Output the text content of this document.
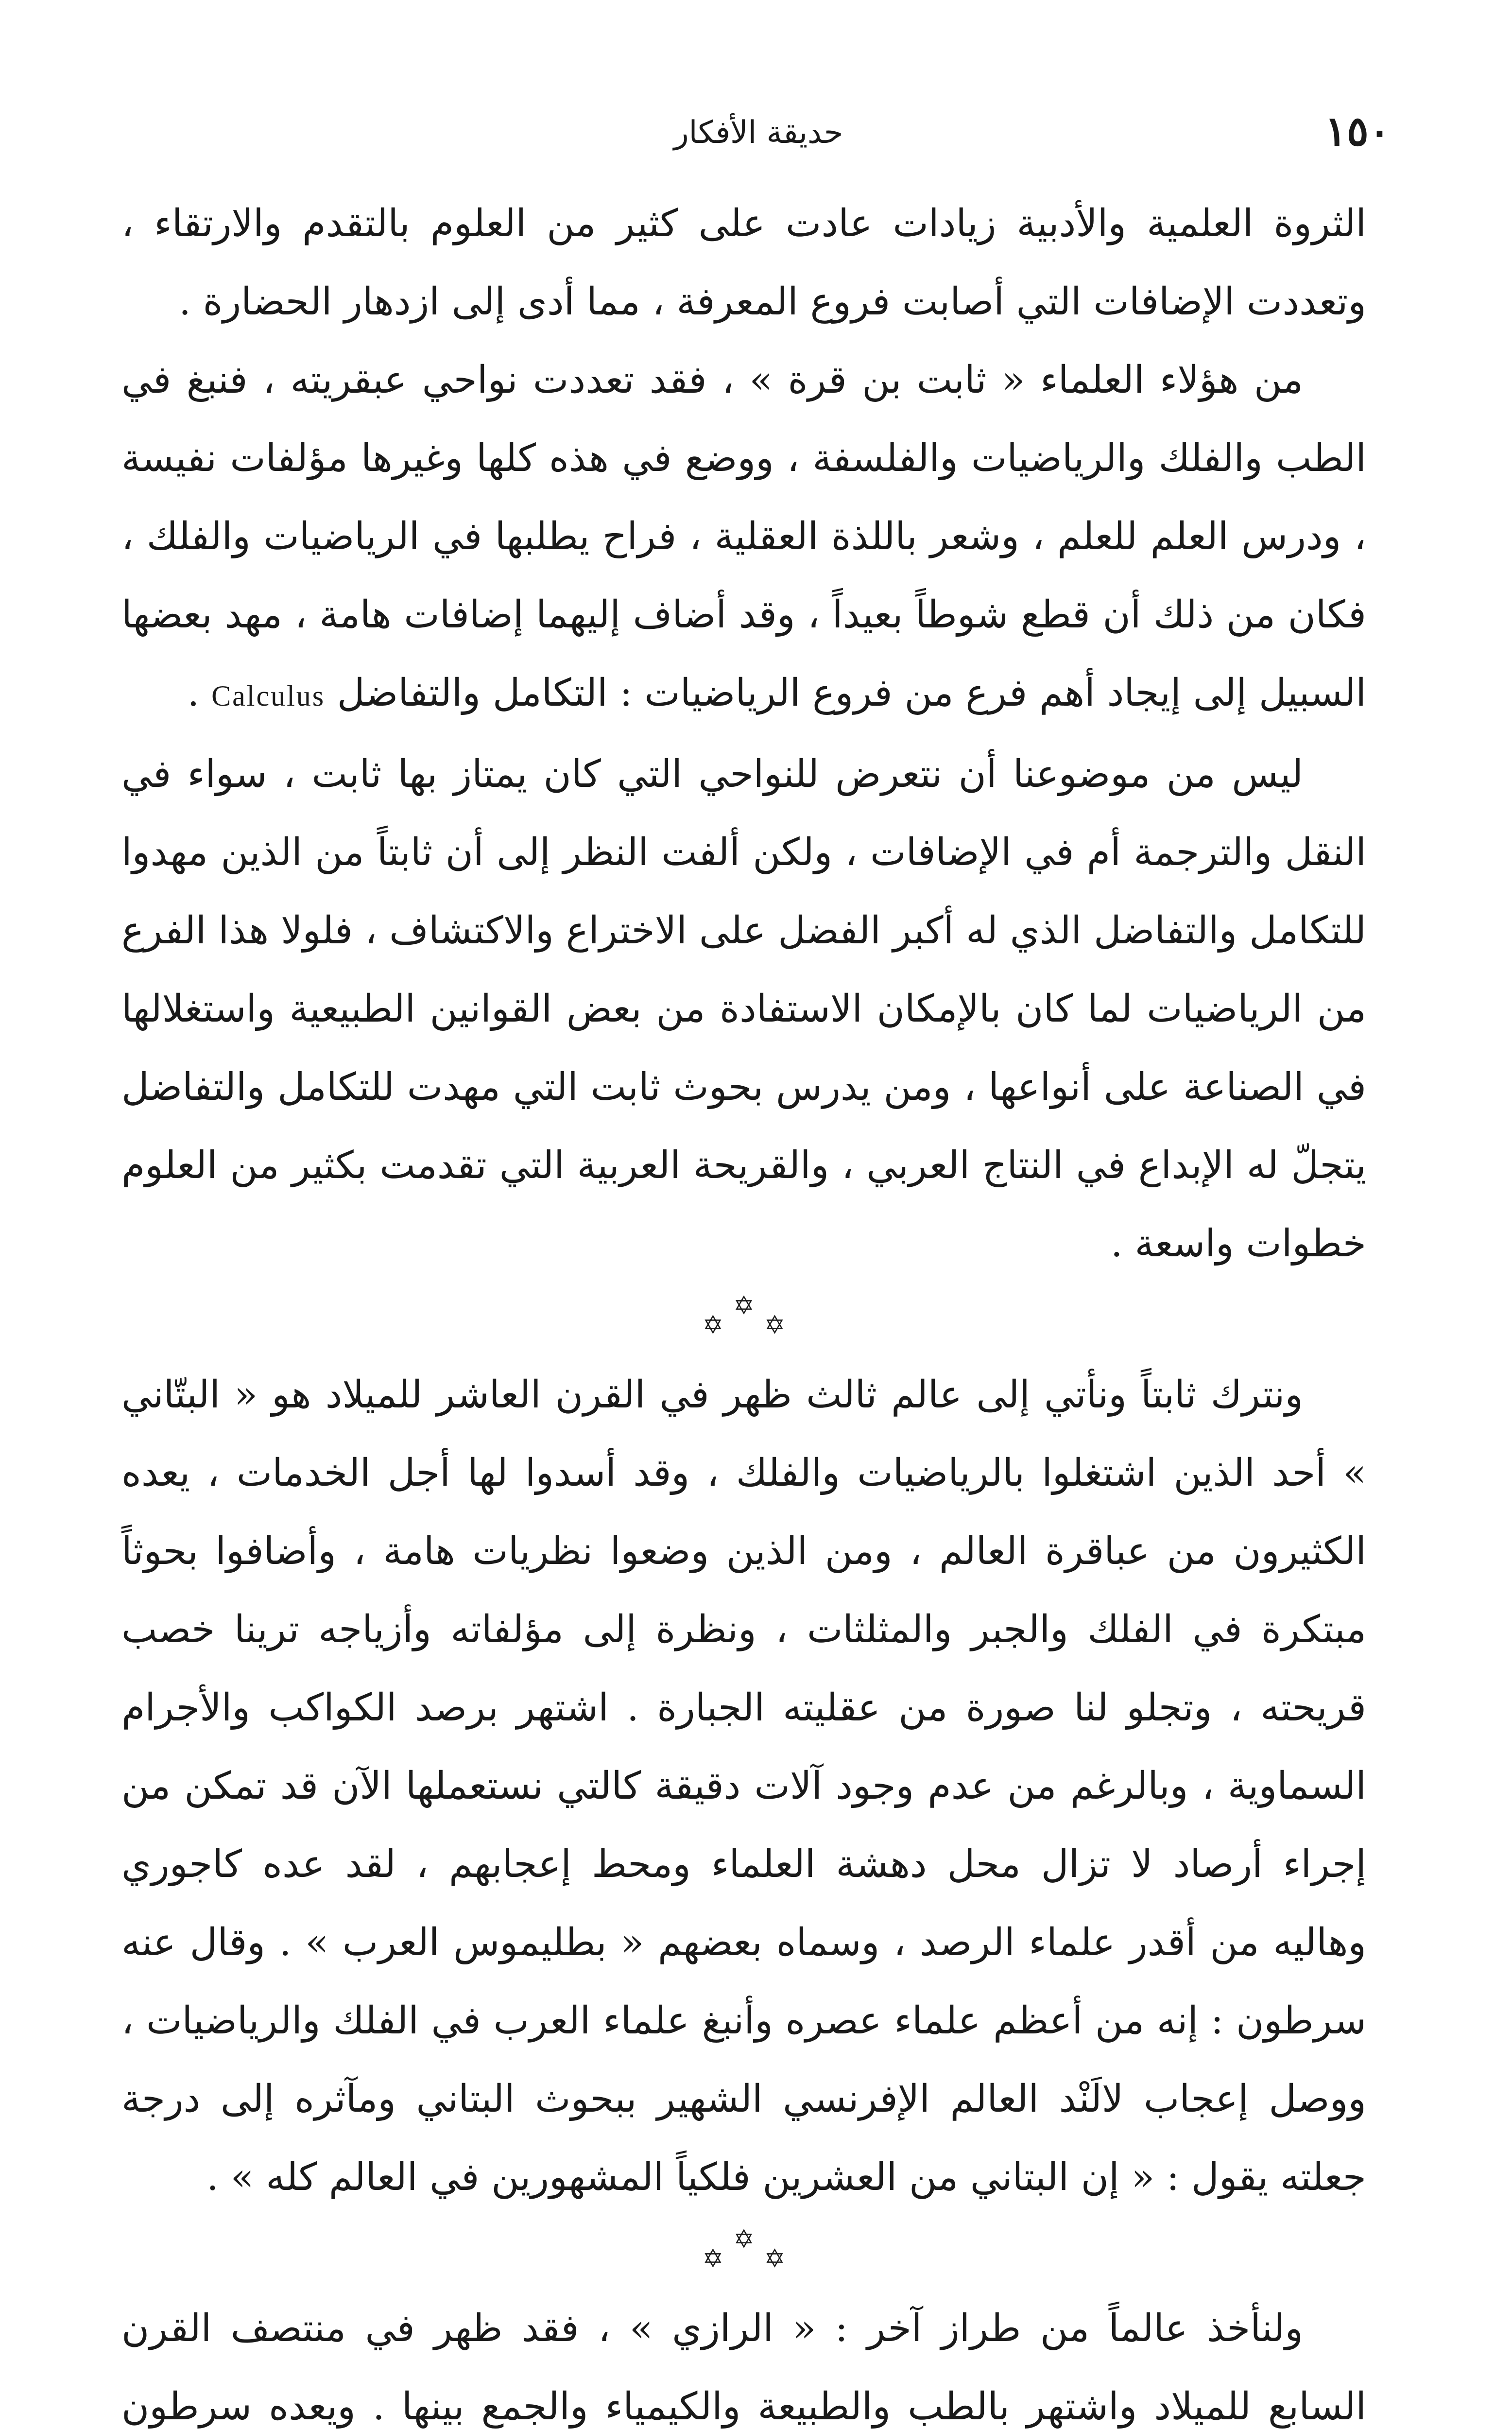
١٥٠
حديقة الأفكار

الثروة العلمية والأدبية زيادات عادت على كثير من العلوم بالتقدم والارتقاء ، وتعددت الإضافات التي أصابت فروع المعرفة ، مما أدى إلى ازدهار الحضارة .

من هؤلاء العلماء « ثابت بن قرة » ، فقد تعددت نواحي عبقريته ، فنبغ في الطب والفلك والرياضيات والفلسفة ، ووضع في هذه كلها وغيرها مؤلفات نفيسة ، ودرس العلم للعلم ، وشعر باللذة العقلية ، فراح يطلبها في الرياضيات والفلك ، فكان من ذلك أن قطع شوطاً بعيداً ، وقد أضاف إليهما إضافات هامة ، مهد بعضها السبيل إلى إيجاد أهم فرع من فروع الرياضيات : التكامل والتفاضل Calculus .

ليس من موضوعنا أن نتعرض للنواحي التي كان يمتاز بها ثابت ، سواء في النقل والترجمة أم في الإضافات ، ولكن ألفت النظر إلى أن ثابتاً من الذين مهدوا للتكامل والتفاضل الذي له أكبر الفضل على الاختراع والاكتشاف ، فلولا هذا الفرع من الرياضيات لما كان بالإمكان الاستفادة من بعض القوانين الطبيعية واستغلالها في الصناعة على أنواعها ، ومن يدرس بحوث ثابت التي مهدت للتكامل والتفاضل يتجلّ له الإبداع في النتاج العربي ، والقريحة العربية التي تقدمت بكثير من العلوم خطوات واسعة .

✡
✡
✡

ونترك ثابتاً ونأتي إلى عالم ثالث ظهر في القرن العاشر للميلاد هو « البتّاني » أحد الذين اشتغلوا بالرياضيات والفلك ، وقد أسدوا لها أجل الخدمات ، يعده الكثيرون من عباقرة العالم ، ومن الذين وضعوا نظريات هامة ، وأضافوا بحوثاً مبتكرة في الفلك والجبر والمثلثات ، ونظرة إلى مؤلفاته وأزياجه ترينا خصب قريحته ، وتجلو لنا صورة من عقليته الجبارة . اشتهر برصد الكواكب والأجرام السماوية ، وبالرغم من عدم وجود آلات دقيقة كالتي نستعملها الآن قد تمكن من إجراء أرصاد لا تزال محل دهشة العلماء ومحط إعجابهم ، لقد عده كاجوري وهاليه من أقدر علماء الرصد ، وسماه بعضهم « بطليموس العرب » . وقال عنه سرطون : إنه من أعظم علماء عصره وأنبغ علماء العرب في الفلك والرياضيات ، ووصل إعجاب لالَنْد العالم الإفرنسي الشهير ببحوث البتاني ومآثره إلى درجة جعلته يقول : « إن البتاني من العشرين فلكياً المشهورين في العالم كله » .

✡
✡
✡

ولنأخذ عالماً من طراز آخر : « الرازي » ، فقد ظهر في منتصف القرن السابع للميلاد واشتهر بالطب والطبيعة والكيمياء والجمع بينها . ويعده سرطون
